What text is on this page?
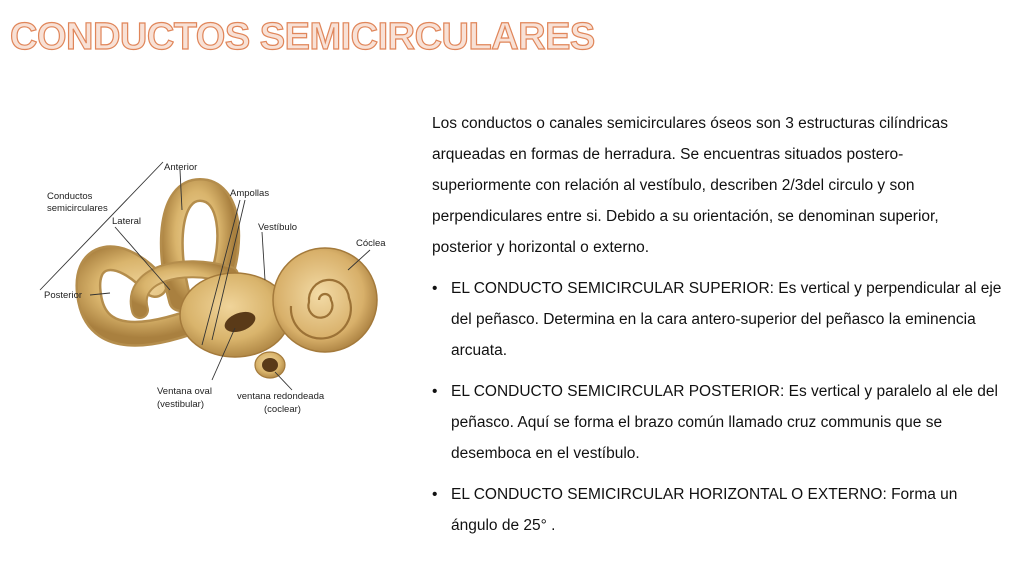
CONDUCTOS SEMICIRCULARES
Anterior
Conductos
semicirculares
Ampollas
Lateral
Vestíbulo
Cóclea
Posterior
Ventana oval
(vestibular)
ventana redondeada
(coclear)

Los conductos o canales semicirculares óseos son 3 estructuras cilíndricas arqueadas en formas de herradura. Se encuentras situados postero-superiormente con relación al vestíbulo, describen 2/3del circulo y son perpendiculares entre si. Debido a su orientación, se denominan superior, posterior y horizontal o externo.

• EL CONDUCTO SEMICIRCULAR SUPERIOR: Es vertical y perpendicular al eje del peñasco. Determina en la cara antero-superior del peñasco la eminencia arcuata.
• EL CONDUCTO SEMICIRCULAR POSTERIOR: Es vertical y paralelo al ele del peñasco. Aquí se forma el brazo común llamado cruz communis que se desemboca en el vestíbulo.
• EL CONDUCTO SEMICIRCULAR HORIZONTAL O EXTERNO: Forma un ángulo de 25° .
